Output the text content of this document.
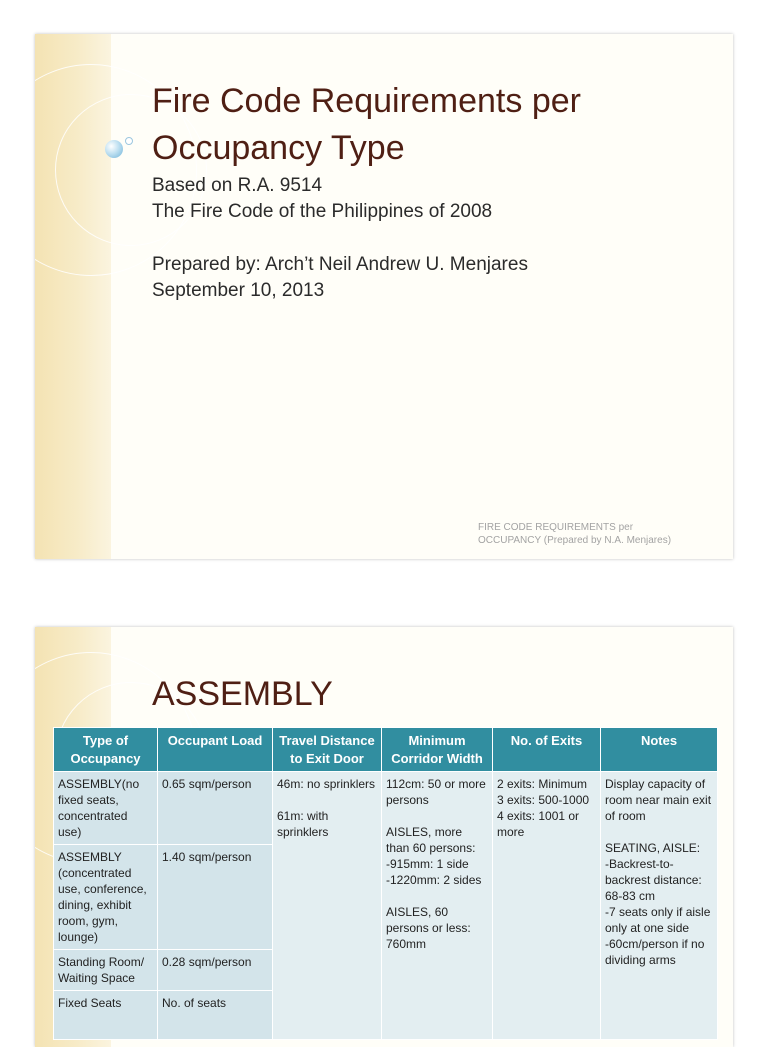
Fire Code Requirements per
Occupancy Type

Based on R.A. 9514

The Fire Code of the Philippines of 2008

Prepared by: Arch’t Neil Andrew U. Menjares

September 10, 2013

FIRE CODE REQUIREMENTS per
OCCUPANCY (Prepared by N.A. Menjares)
ASSEMBLY
Type of Occupancy	Occupant Load	Travel Distance to Exit Door	Minimum Corridor Width	No. of Exits	Notes
ASSEMBLY(no fixed seats, concentrated use)	0.65 sqm/person	46m: no sprinklers

61m: with sprinklers	112cm: 50 or more persons

AISLES, more than 60 persons:
-915mm: 1 side
-1220mm: 2 sides

AISLES, 60 persons or less: 760mm	2 exits: Minimum
3 exits: 500-1000
4 exits: 1001 or more	Display capacity of room near main exit of room

SEATING, AISLE:
-Backrest-to-backrest distance: 68-83 cm
-7 seats only if aisle only at one side
-60cm/person if no dividing arms

ASSEMBLY (concentrated use, conference, dining, exhibit room, gym, lounge)	1.40 sqm/person				
Standing Room/ Waiting Space	0.28 sqm/person				
Fixed Seats	No. of seats				
